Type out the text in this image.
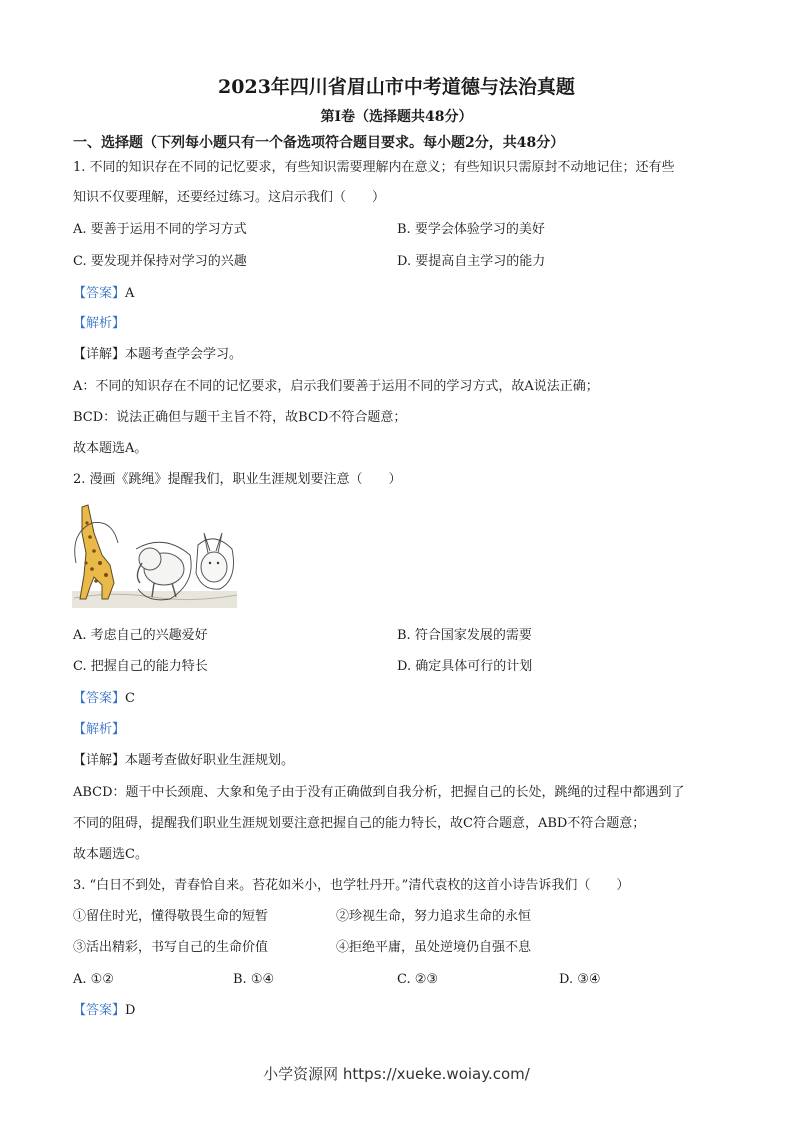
2023年四川省眉山市中考道德与法治真题
第I卷（选择题共48分）
一、选择题（下列每小题只有一个备选项符合题目要求。每小题2分，共48分）
1. 不同的知识存在不同的记忆要求，有些知识需要理解内在意义；有些知识只需原封不动地记住；还有些
知识不仅要理解，还要经过练习。这启示我们（　　）
A. 要善于运用不同的学习方式	B. 要学会体验学习的美好
C. 要发现并保持对学习的兴趣	D. 要提高自主学习的能力
【答案】A
【解析】
【详解】本题考查学会学习。
A：不同的知识存在不同的记忆要求，启示我们要善于运用不同的学习方式，故A说法正确；
BCD：说法正确但与题干主旨不符，故BCD不符合题意；
故本题选A。
2. 漫画《跳绳》提醒我们，职业生涯规划要注意（　　）
A. 考虑自己的兴趣爱好	B. 符合国家发展的需要
C. 把握自己的能力特长	D. 确定具体可行的计划
【答案】C
【解析】
【详解】本题考查做好职业生涯规划。
ABCD：题干中长颈鹿、大象和兔子由于没有正确做到自我分析，把握自己的长处，跳绳的过程中都遇到了
不同的阻碍，提醒我们职业生涯规划要注意把握自己的能力特长，故C符合题意，ABD不符合题意；
故本题选C。
3. “白日不到处，青春恰自来。苔花如米小，也学牡丹开。”清代袁枚的这首小诗告诉我们（　　）
①留住时光，懂得敬畏生命的短暂	②珍视生命，努力追求生命的永恒
③活出精彩，书写自己的生命价值	④拒绝平庸，虽处逆境仍自强不息
A. ①②	B. ①④	C. ②③	D. ③④
【答案】D
小学资源网 https://xueke.woiay.com/
